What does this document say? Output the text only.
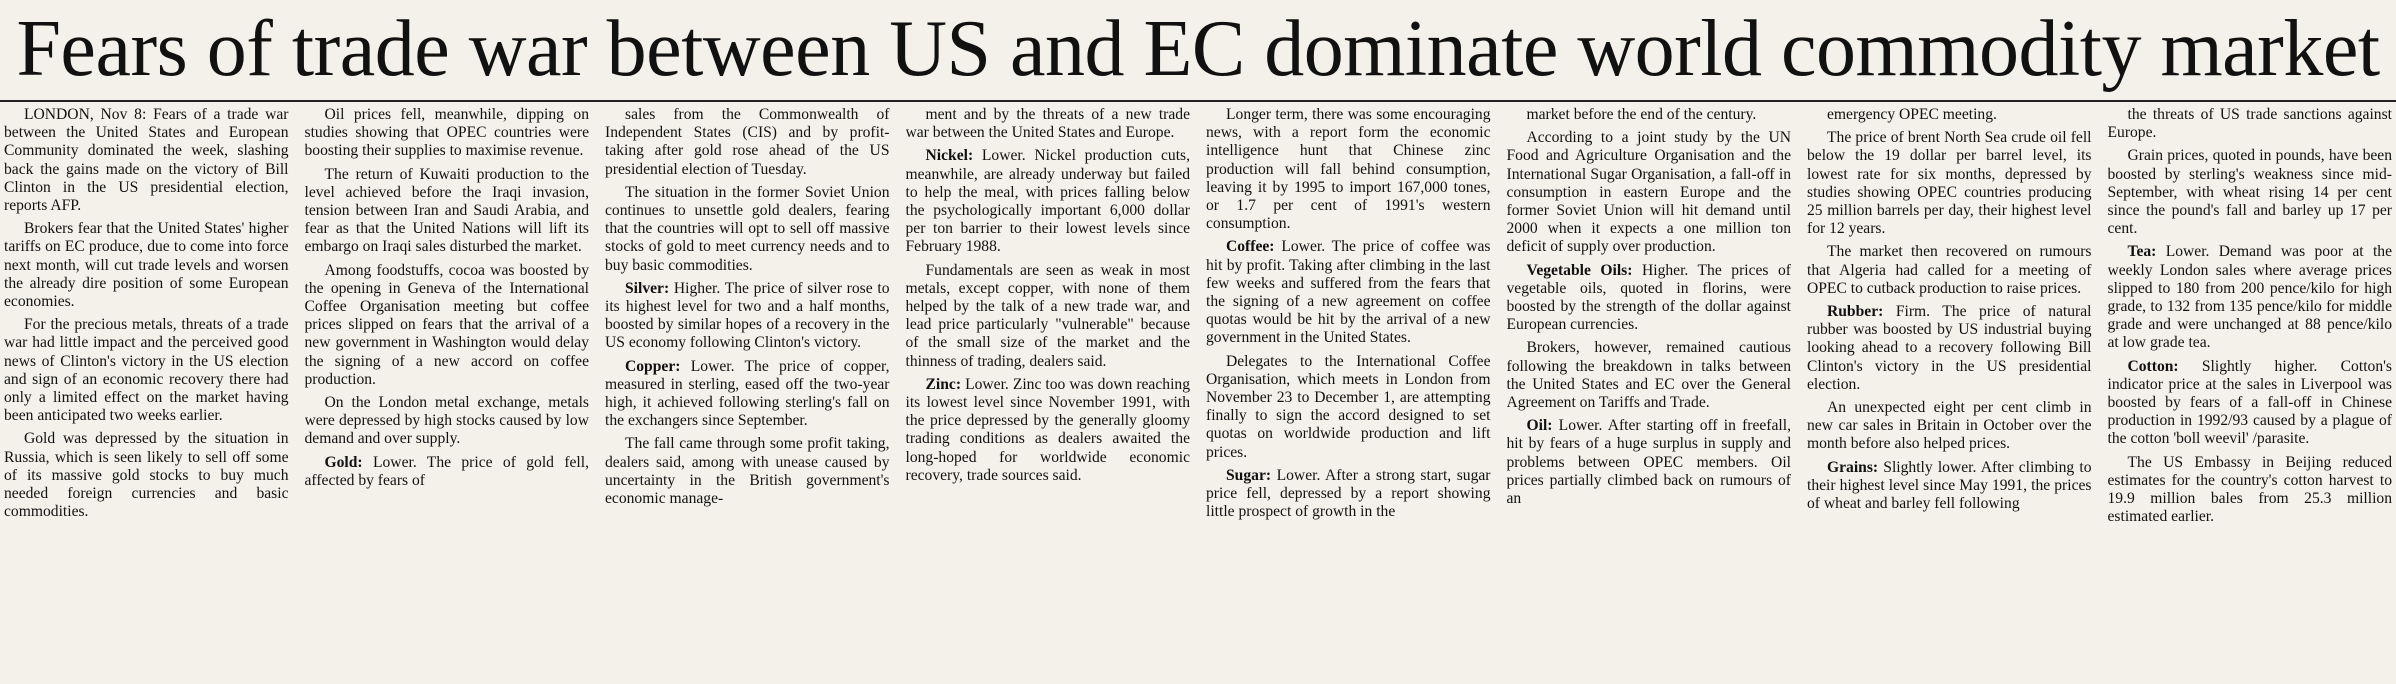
Fears of trade war between US and EC dominate world commodity market

LONDON, Nov 8: Fears of a trade war between the United States and European Community dominated the week, slashing back the gains made on the victory of Bill Clinton in the US presidential election, reports AFP.

Brokers fear that the United States' higher tariffs on EC produce, due to come into force next month, will cut trade levels and worsen the already dire position of some European economies.

For the precious metals, threats of a trade war had little impact and the perceived good news of Clinton's victory in the US election and sign of an economic recovery there had only a limited effect on the market having been anticipated two weeks earlier.

Gold was depressed by the situation in Russia, which is seen likely to sell off some of its massive gold stocks to buy much needed foreign currencies and basic commodities.

Oil prices fell, meanwhile, dipping on studies showing that OPEC countries were boosting their supplies to maximise revenue.

The return of Kuwaiti production to the level achieved before the Iraqi invasion, tension between Iran and Saudi Arabia, and fear as that the United Nations will lift its embargo on Iraqi sales disturbed the market.

Among foodstuffs, cocoa was boosted by the opening in Geneva of the International Coffee Organisation meeting but coffee prices slipped on fears that the arrival of a new government in Washington would delay the signing of a new accord on coffee production.

On the London metal exchange, metals were depressed by high stocks caused by low demand and over supply.

Gold: Lower. The price of gold fell, affected by fears of

sales from the Commonwealth of Independent States (CIS) and by profit-taking after gold rose ahead of the US presidential election of Tuesday.

The situation in the former Soviet Union continues to unsettle gold dealers, fearing that the countries will opt to sell off massive stocks of gold to meet currency needs and to buy basic commodities.

Silver: Higher. The price of silver rose to its highest level for two and a half months, boosted by similar hopes of a recovery in the US economy following Clinton's victory.

Copper: Lower. The price of copper, measured in sterling, eased off the two-year high, it achieved following sterling's fall on the exchangers since September.

The fall came through some profit taking, dealers said, among with unease caused by uncertainty in the British government's economic manage-

ment and by the threats of a new trade war between the United States and Europe.

Nickel: Lower. Nickel production cuts, meanwhile, are already underway but failed to help the meal, with prices falling below the psychologically important 6,000 dollar per ton barrier to their lowest levels since February 1988.

Fundamentals are seen as weak in most metals, except copper, with none of them helped by the talk of a new trade war, and lead price particularly "vulnerable" because of the small size of the market and the thinness of trading, dealers said.

Zinc: Lower. Zinc too was down reaching its lowest level since November 1991, with the price depressed by the generally gloomy trading conditions as dealers awaited the long-hoped for worldwide economic recovery, trade sources said.

Longer term, there was some encouraging news, with a report form the economic intelligence hunt that Chinese zinc production will fall behind consumption, leaving it by 1995 to import 167,000 tones, or 1.7 per cent of 1991's western consumption.

Coffee: Lower. The price of coffee was hit by profit. Taking after climbing in the last few weeks and suffered from the fears that the signing of a new agreement on coffee quotas would be hit by the arrival of a new government in the United States.

Delegates to the International Coffee Organisation, which meets in London from November 23 to December 1, are attempting finally to sign the accord designed to set quotas on worldwide production and lift prices.

Sugar: Lower. After a strong start, sugar price fell, depressed by a report showing little prospect of growth in the

market before the end of the century.

According to a joint study by the UN Food and Agriculture Organisation and the International Sugar Organisation, a fall-off in consumption in eastern Europe and the former Soviet Union will hit demand until 2000 when it expects a one million ton deficit of supply over production.

Vegetable Oils: Higher. The prices of vegetable oils, quoted in florins, were boosted by the strength of the dollar against European currencies.

Brokers, however, remained cautious following the breakdown in talks between the United States and EC over the General Agreement on Tariffs and Trade.

Oil: Lower. After starting off in freefall, hit by fears of a huge surplus in supply and problems between OPEC members. Oil prices partially climbed back on rumours of an

emergency OPEC meeting.

The price of brent North Sea crude oil fell below the 19 dollar per barrel level, its lowest rate for six months, depressed by studies showing OPEC countries producing 25 million barrels per day, their highest level for 12 years.

The market then recovered on rumours that Algeria had called for a meeting of OPEC to cutback production to raise prices.

Rubber: Firm. The price of natural rubber was boosted by US industrial buying looking ahead to a recovery following Bill Clinton's victory in the US presidential election.

An unexpected eight per cent climb in new car sales in Britain in October over the month before also helped prices.

Grains: Slightly lower. After climbing to their highest level since May 1991, the prices of wheat and barley fell following

the threats of US trade sanctions against Europe.

Grain prices, quoted in pounds, have been boosted by sterling's weakness since mid-September, with wheat rising 14 per cent since the pound's fall and barley up 17 per cent.

Tea: Lower. Demand was poor at the weekly London sales where average prices slipped to 180 from 200 pence/kilo for high grade, to 132 from 135 pence/kilo for middle grade and were unchanged at 88 pence/kilo at low grade tea.

Cotton: Slightly higher. Cotton's indicator price at the sales in Liverpool was boosted by fears of a fall-off in Chinese production in 1992/93 caused by a plague of the cotton 'boll weevil' /parasite.

The US Embassy in Beijing reduced estimates for the country's cotton harvest to 19.9 million bales from 25.3 million estimated earlier.
